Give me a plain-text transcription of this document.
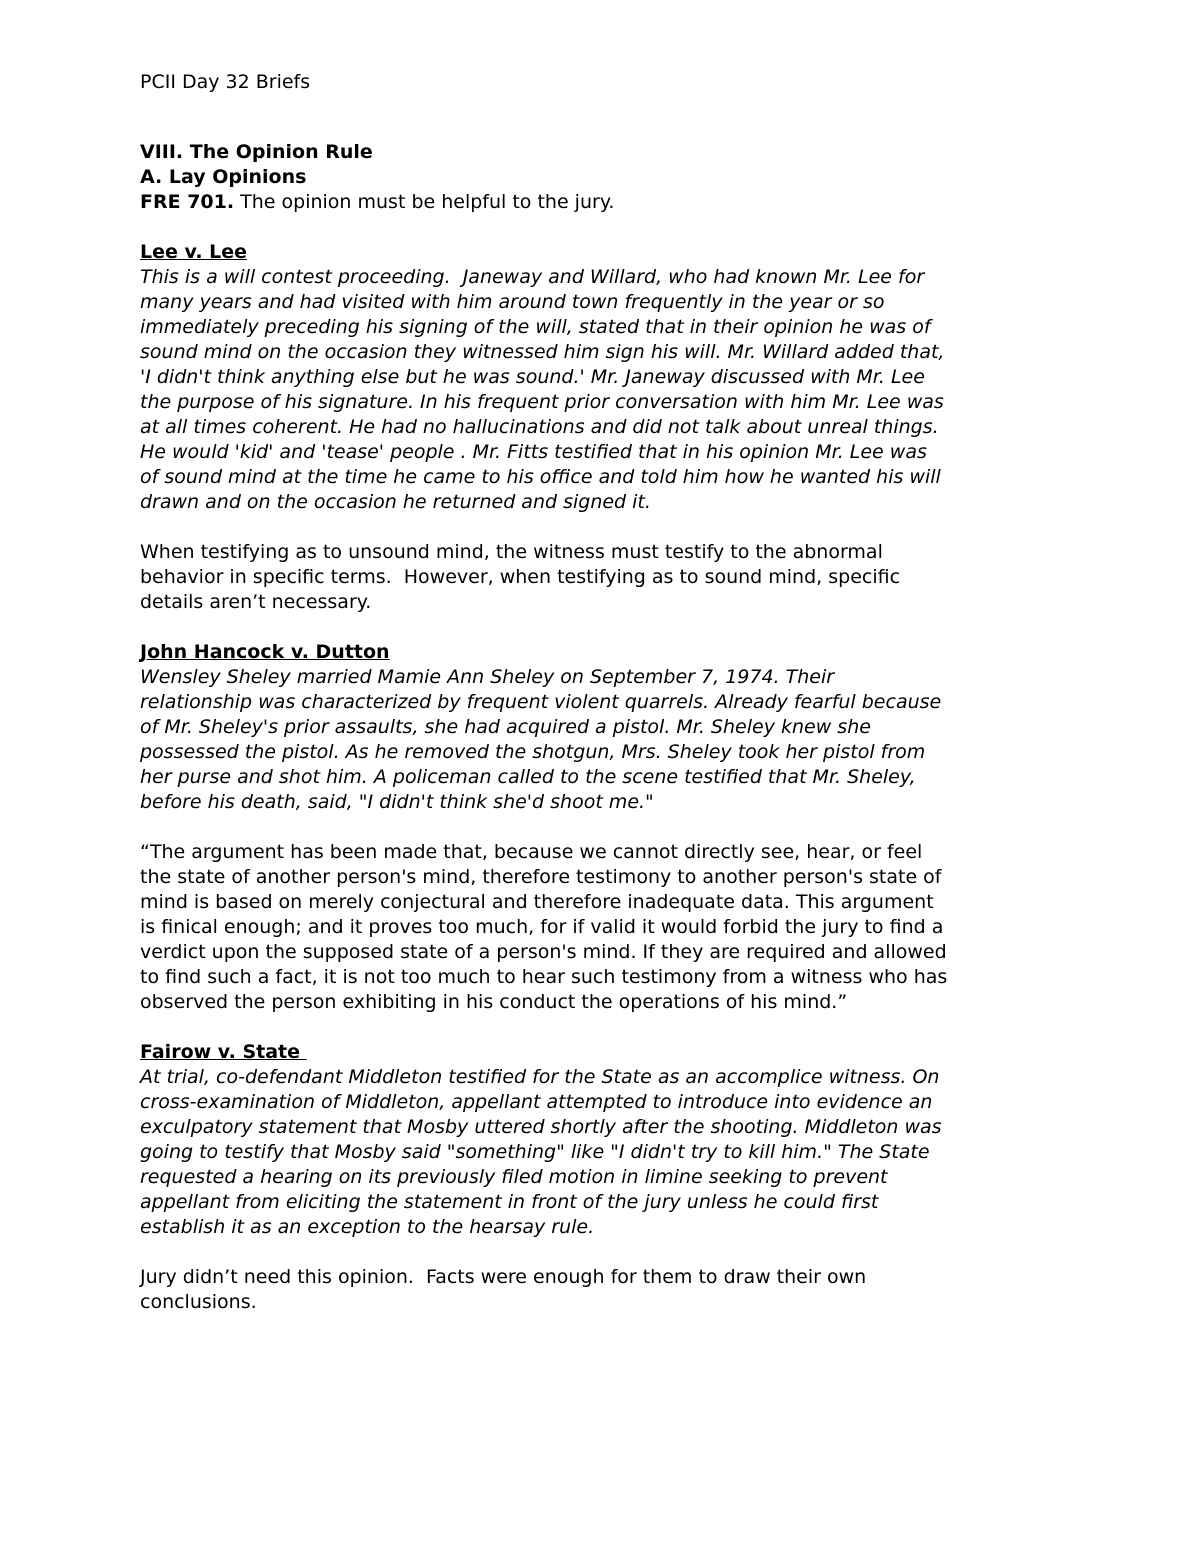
PCII Day 32 Briefs
VIII. The Opinion Rule
A. Lay Opinions
FRE 701. The opinion must be helpful to the jury.
Lee v. Lee
This is a will contest proceeding.  Janeway and Willard, who had known Mr. Lee for
many years and had visited with him around town frequently in the year or so
immediately preceding his signing of the will, stated that in their opinion he was of
sound mind on the occasion they witnessed him sign his will. Mr. Willard added that,
'I didn't think anything else but he was sound.' Mr. Janeway discussed with Mr. Lee
the purpose of his signature. In his frequent prior conversation with him Mr. Lee was
at all times coherent. He had no hallucinations and did not talk about unreal things.
He would 'kid' and 'tease' people . Mr. Fitts testified that in his opinion Mr. Lee was
of sound mind at the time he came to his office and told him how he wanted his will
drawn and on the occasion he returned and signed it.
When testifying as to unsound mind, the witness must testify to the abnormal
behavior in specific terms.  However, when testifying as to sound mind, specific
details aren’t necessary.
John Hancock v. Dutton
Wensley Sheley married Mamie Ann Sheley on September 7, 1974. Their
relationship was characterized by frequent violent quarrels. Already fearful because
of Mr. Sheley's prior assaults, she had acquired a pistol. Mr. Sheley knew she
possessed the pistol. As he removed the shotgun, Mrs. Sheley took her pistol from
her purse and shot him. A policeman called to the scene testified that Mr. Sheley,
before his death, said, "I didn't think she'd shoot me."
“The argument has been made that, because we cannot directly see, hear, or feel
the state of another person's mind, therefore testimony to another person's state of
mind is based on merely conjectural and therefore inadequate data. This argument
is finical enough; and it proves too much, for if valid it would forbid the jury to find a
verdict upon the supposed state of a person's mind. If they are required and allowed
to find such a fact, it is not too much to hear such testimony from a witness who has
observed the person exhibiting in his conduct the operations of his mind.”
Fairow v. State
At trial, co-defendant Middleton testified for the State as an accomplice witness. On
cross-examination of Middleton, appellant attempted to introduce into evidence an
exculpatory statement that Mosby uttered shortly after the shooting. Middleton was
going to testify that Mosby said "something" like "I didn't try to kill him." The State
requested a hearing on its previously filed motion in limine seeking to prevent
appellant from eliciting the statement in front of the jury unless he could first
establish it as an exception to the hearsay rule.
Jury didn’t need this opinion.  Facts were enough for them to draw their own
conclusions.
